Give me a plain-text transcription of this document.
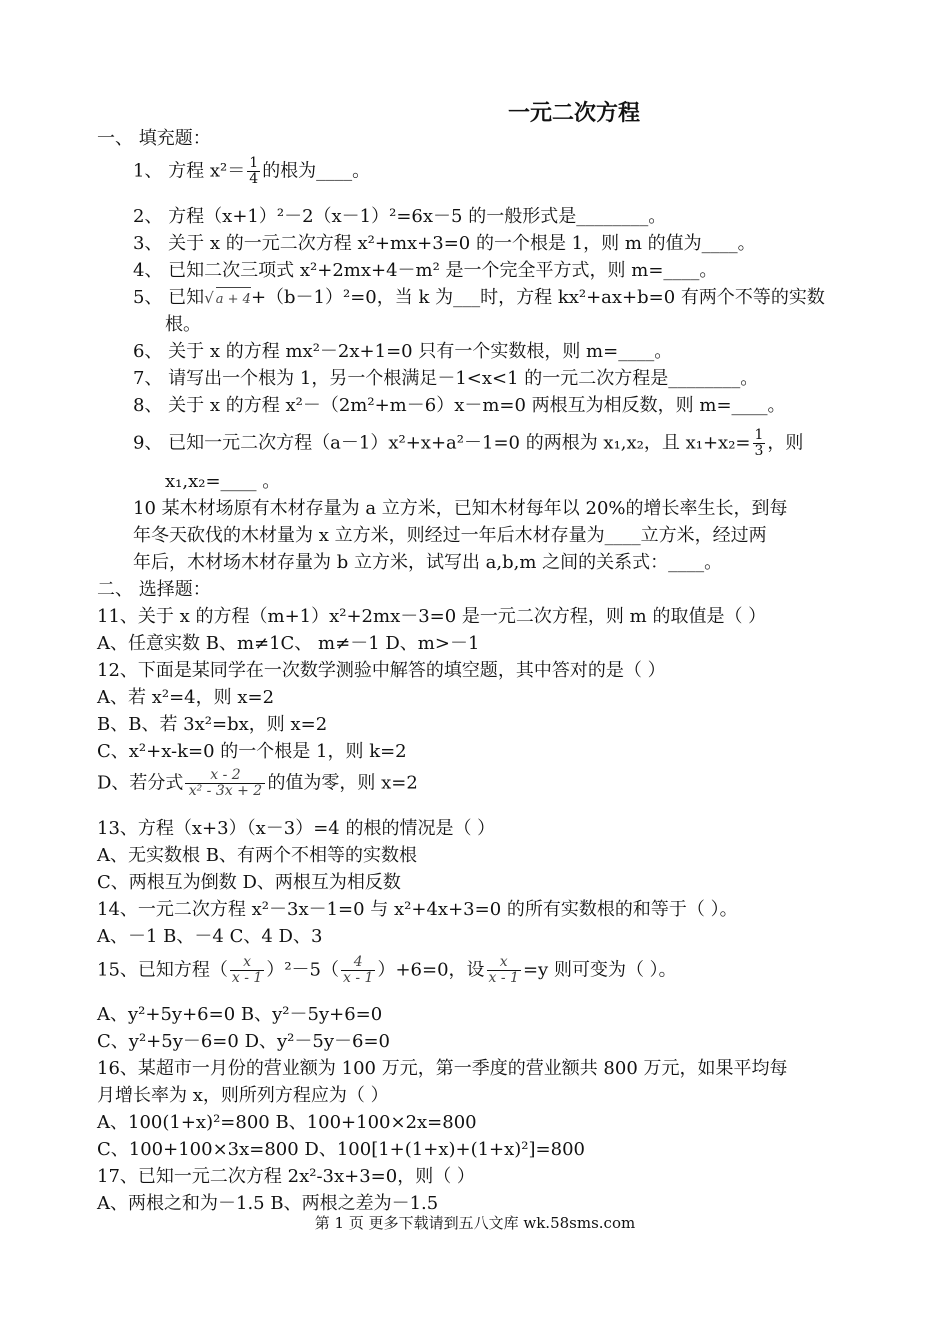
一元二次方程
一、 填充题：
1、 方程 $x^2= \frac{1}{4}$ 的根为____。
2、 方程（x+1）²－2（x－1）²=6x－5 的一般形式是________。
3、 关于 x 的一元二次方程 x²+mx+3=0 的一个根是 1，则 m 的值为____。
4、 已知二次三项式 x²+2mx+4－m² 是一个完全平方式，则 m=____。
5、 已知√ a + 4+（b－1）²=0，当 k 为___时，方程 kx²+ax+b=0 有两个不等的实数
根。
6、 关于 x 的方程 mx²－2x+1=0 只有一个实数根，则 m=____。
7、 请写出一个根为 1，另一个根满足－1<x<1 的一元二次方程是________。
8、 关于 x 的方程 x²－（2m²+m－6）x－m=0 两根互为相反数，则 m=____。
9、 已知一元二次方程（a－1）x²+x+a²－1=0 的两根为 x₁,x₂，且 $x_1+x_2= \frac{1}{3}$ ，则
x₁,x₂=____ 。
10 某木材场原有木材存量为 a 立方米，已知木材每年以 20%的增长率生长，到每
年冬天砍伐的木材量为 x 立方米，则经过一年后木材存量为____立方米，经过两
年后，木材场木材存量为 b 立方米，试写出 a,b,m 之间的关系式：____。
二、 选择题：
11、关于 x 的方程（m+1）x²+2mx－3=0 是一元二次方程，则 m 的取值是（ ）
A、任意实数 B、m≠1C、 m≠－1 D、m>－1
12、下面是某同学在一次数学测验中解答的填空题，其中答对的是（ ）
A、若 x²=4，则 x=2
B、B、若 3x²=bx，则 x=2
C、x²+x-k=0 的一个根是 1，则 k=2
D、若分式 $\frac{x - 2}{\text{x² - 3x + 2}}$ 的值为零，则 x=2
13、方程（x+3）（x－3）=4 的根的情况是（ ）
A、无实数根 B、有两个不相等的实数根
C、两根互为倒数 D、两根互为相反数
14、一元二次方程 x²－3x－1=0 与 x²+4x+3=0 的所有实数根的和等于（ ）。
A、－1 B、－4 C、4 D、3
15、已知方程（ $\frac{x}{x - 1} )^2-5( \frac{4}{x - 1} )+6=0$，设 $\frac{x}{x - 1} =y$ 则可变为（ ）。
A、y²+5y+6=0 B、y²－5y+6=0
C、y²+5y－6=0 D、y²－5y－6=0
16、某超市一月份的营业额为 100 万元，第一季度的营业额共 800 万元，如果平均每
月增长率为 x，则所列方程应为（ ）
A、100(1+x)²=800 B、100+100×2x=800
C、100+100×3x=800 D、100[1+(1+x)+(1+x)²]=800
17、已知一元二次方程 2x²-3x+3=0，则（ ）
A、两根之和为－1.5 B、两根之差为－1.5
第 1 页 更多下载请到五八文库 wk.58sms.com
